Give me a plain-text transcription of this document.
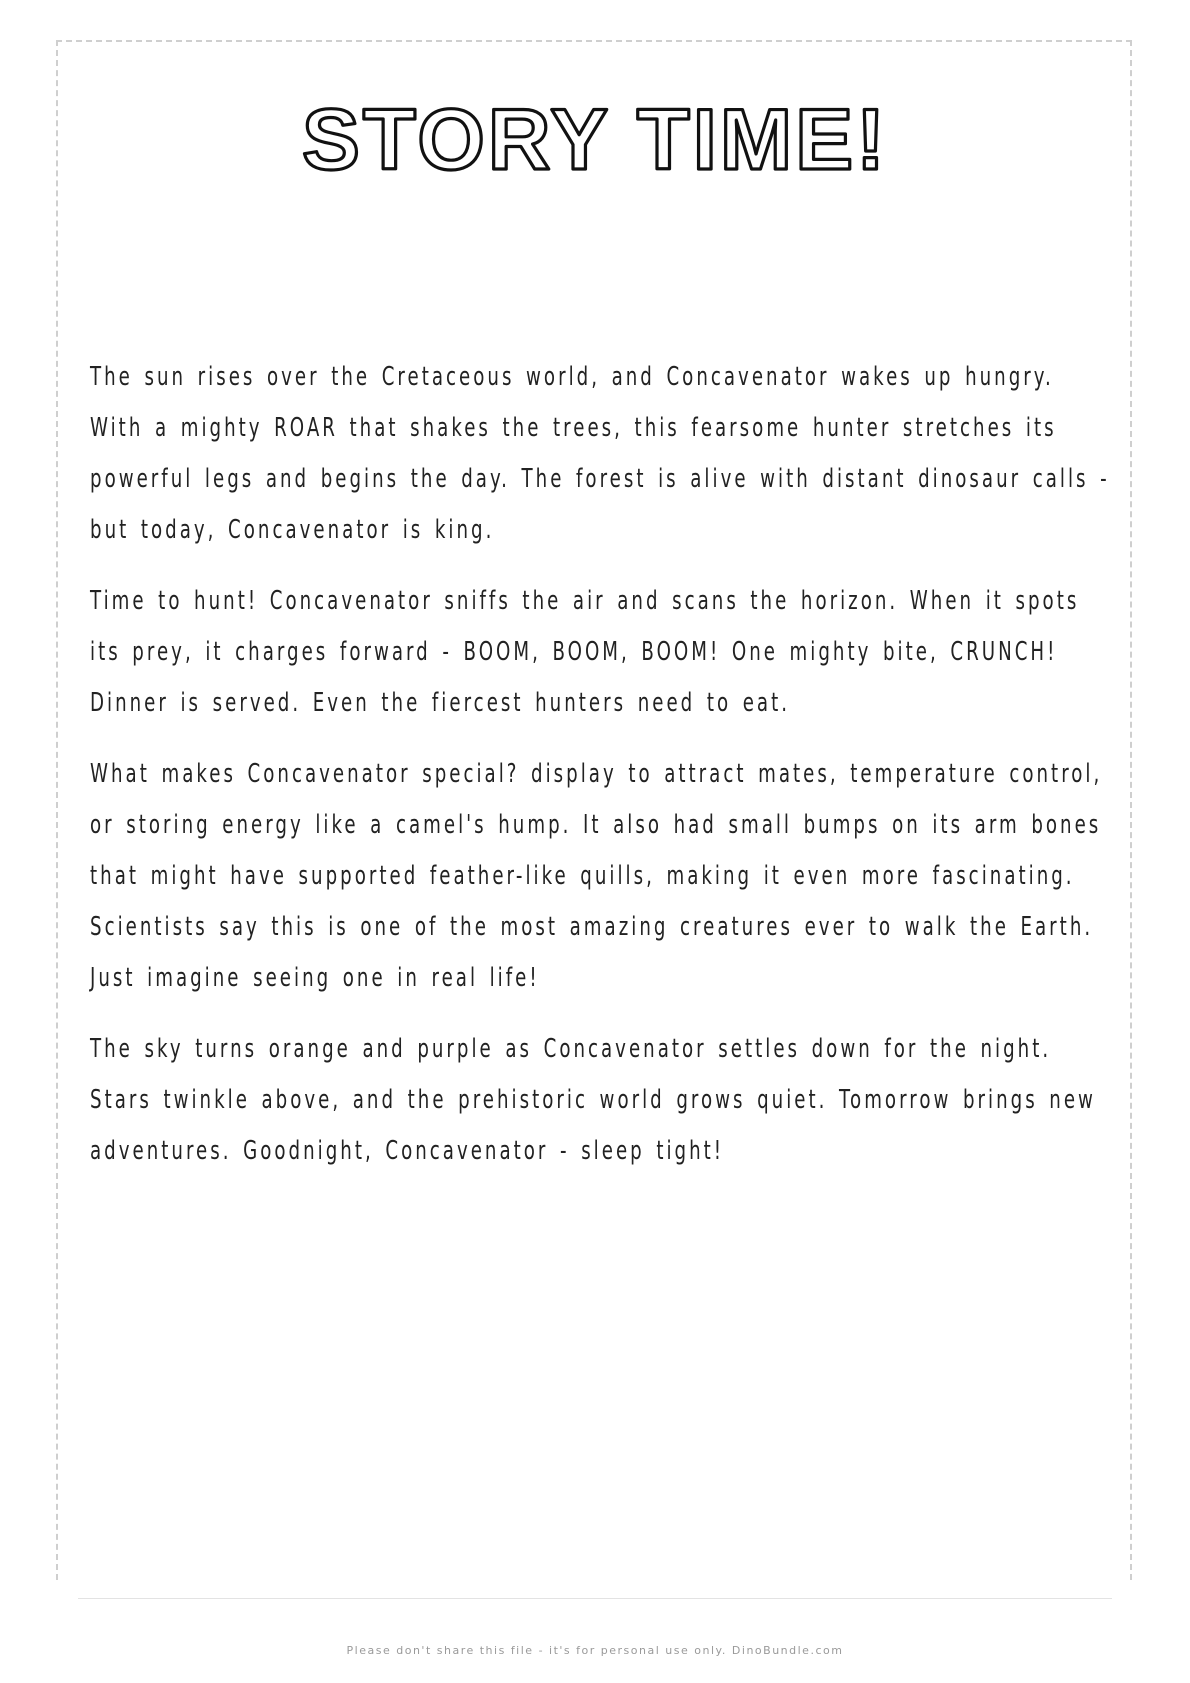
STORY TIME!

The sun rises over the Cretaceous world, and Concavenator wakes up hungry. With a mighty ROAR that shakes the trees, this fearsome hunter stretches its powerful legs and begins the day. The forest is alive with distant dinosaur calls - but today, Concavenator is king.

Time to hunt! Concavenator sniffs the air and scans the horizon. When it spots its prey, it charges forward - BOOM, BOOM, BOOM! One mighty bite, CRUNCH! Dinner is served. Even the fiercest hunters need to eat.

What makes Concavenator special? display to attract mates, temperature control, or storing energy like a camel's hump. It also had small bumps on its arm bones that might have supported feather-like quills, making it even more fascinating. Scientists say this is one of the most amazing creatures ever to walk the Earth. Just imagine seeing one in real life!

The sky turns orange and purple as Concavenator settles down for the night. Stars twinkle above, and the prehistoric world grows quiet. Tomorrow brings new adventures. Goodnight, Concavenator - sleep tight!

Please don't share this file - it's for personal use only. DinoBundle.com
